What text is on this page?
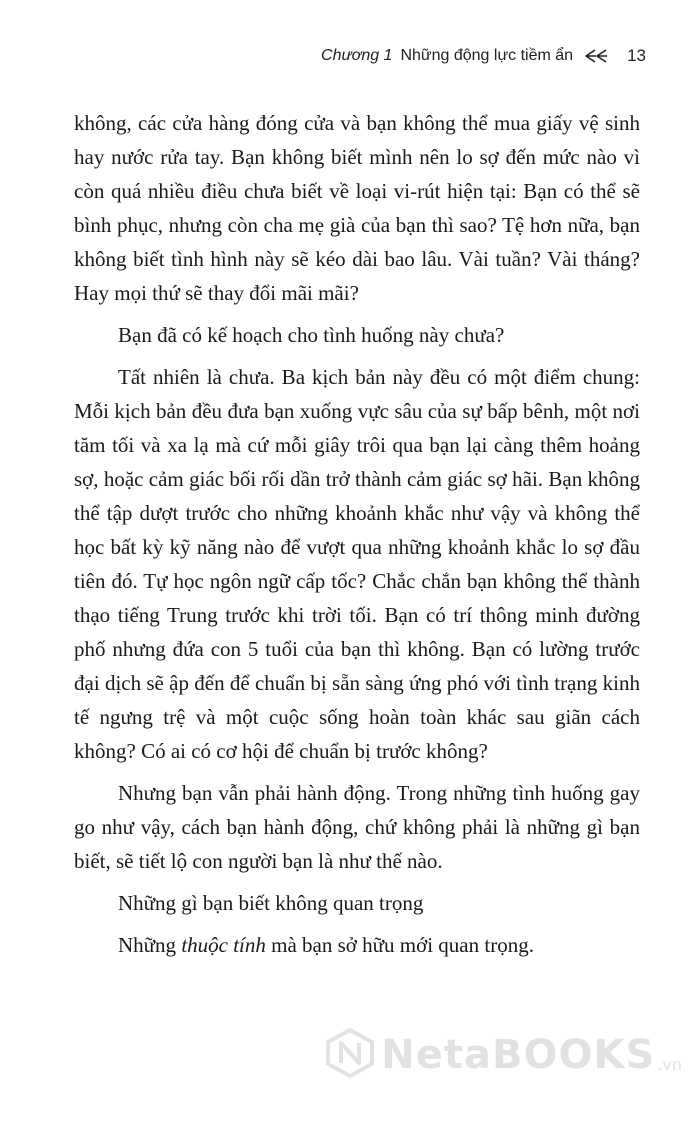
Chương 1 Những động lực tiềm ẩn	13

không, các cửa hàng đóng cửa và bạn không thể mua giấy vệ sinh hay nước rửa tay. Bạn không biết mình nên lo sợ đến mức nào vì còn quá nhiều điều chưa biết về loại vi-rút hiện tại: Bạn có thể sẽ bình phục, nhưng còn cha mẹ già của bạn thì sao? Tệ hơn nữa, bạn không biết tình hình này sẽ kéo dài bao lâu. Vài tuần? Vài tháng? Hay mọi thứ sẽ thay đổi mãi mãi?

Bạn đã có kế hoạch cho tình huống này chưa?

Tất nhiên là chưa. Ba kịch bản này đều có một điểm chung: Mỗi kịch bản đều đưa bạn xuống vực sâu của sự bấp bênh, một nơi tăm tối và xa lạ mà cứ mỗi giây trôi qua bạn lại càng thêm hoảng sợ, hoặc cảm giác bối rối dần trở thành cảm giác sợ hãi. Bạn không thể tập dượt trước cho những khoảnh khắc như vậy và không thể học bất kỳ kỹ năng nào để vượt qua những khoảnh khắc lo sợ đầu tiên đó. Tự học ngôn ngữ cấp tốc? Chắc chắn bạn không thể thành thạo tiếng Trung trước khi trời tối. Bạn có trí thông minh đường phố nhưng đứa con 5 tuổi của bạn thì không. Bạn có lường trước đại dịch sẽ ập đến để chuẩn bị sẵn sàng ứng phó với tình trạng kinh tế ngưng trệ và một cuộc sống hoàn toàn khác sau giãn cách không? Có ai có cơ hội để chuẩn bị trước không?

Nhưng bạn vẫn phải hành động. Trong những tình huống gay go như vậy, cách bạn hành động, chứ không phải là những gì bạn biết, sẽ tiết lộ con người bạn là như thế nào.

Những gì bạn biết không quan trọng

Những thuộc tính mà bạn sở hữu mới quan trọng.

NetaBOOKS .vn
